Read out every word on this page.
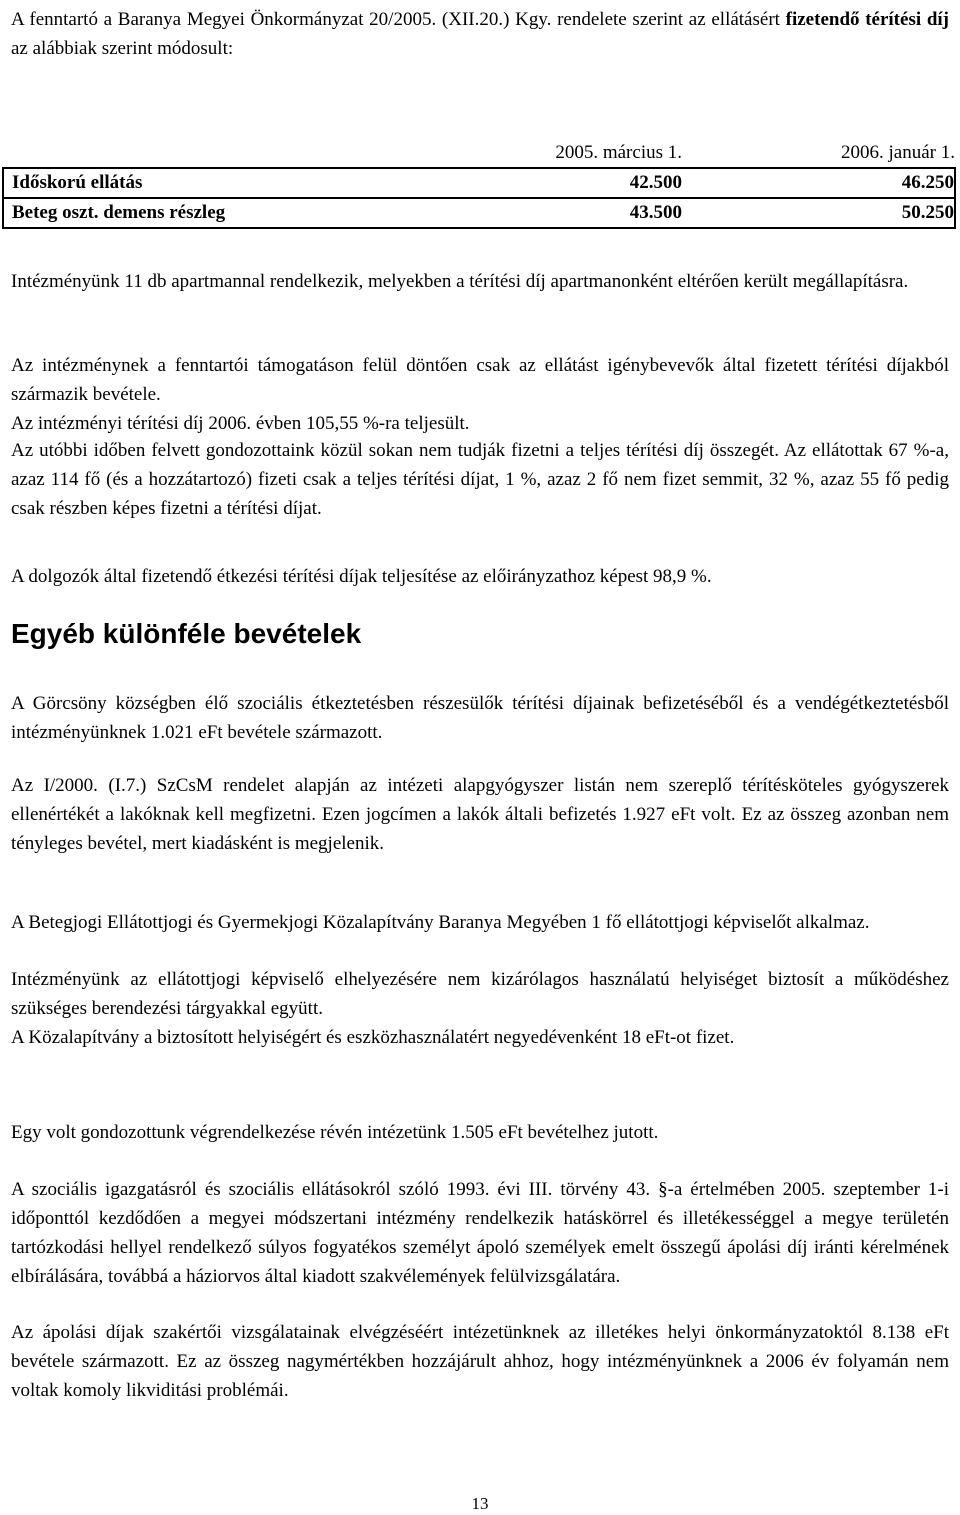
A fenntartó a Baranya Megyei Önkormányzat 20/2005. (XII.20.) Kgy. rendelete szerint az ellátásért fizetendő térítési díj az alábbiak szerint módosult:

	2005. március 1.	2006. január 1.
Időskorú ellátás	42.500	46.250
Beteg oszt. demens részleg	43.500	50.250

Intézményünk 11 db apartmannal rendelkezik, melyekben a térítési díj apartmanonként eltérően került megállapításra.

Az intézménynek a fenntartói támogatáson felül döntően csak az ellátást igénybevevők által fizetett térítési díjakból származik bevétele.

Az intézményi térítési díj 2006. évben 105,55 %-ra teljesült.

Az utóbbi időben felvett gondozottaink közül sokan nem tudják fizetni a teljes térítési díj összegét. Az ellátottak 67 %-a, azaz 114 fő (és a hozzátartozó) fizeti csak a teljes térítési díjat, 1 %, azaz 2 fő nem fizet semmit, 32 %, azaz 55 fő pedig csak részben képes fizetni a térítési díjat.

A dolgozók által fizetendő étkezési térítési díjak teljesítése az előirányzathoz képest 98,9 %.

Egyéb különféle bevételek

A Görcsöny községben élő szociális étkeztetésben részesülők térítési díjainak befizetéséből és a vendégétkeztetésből intézményünknek 1.021 eFt bevétele származott.

Az I/2000. (I.7.) SzCsM rendelet alapján az intézeti alapgyógyszer listán nem szereplő térítésköteles gyógyszerek ellenértékét a lakóknak kell megfizetni. Ezen jogcímen a lakók általi befizetés 1.927 eFt volt. Ez az összeg azonban nem tényleges bevétel, mert kiadásként is megjelenik.

A Betegjogi Ellátottjogi és Gyermekjogi Közalapítvány Baranya Megyében 1 fő ellátottjogi képviselőt alkalmaz.

Intézményünk az ellátottjogi képviselő elhelyezésére nem kizárólagos használatú helyiséget biztosít a működéshez szükséges berendezési tárgyakkal együtt.

A Közalapítvány a biztosított helyiségért és eszközhasználatért negyedévenként 18 eFt-ot fizet.

Egy volt gondozottunk végrendelkezése révén intézetünk 1.505 eFt bevételhez jutott.

A szociális igazgatásról és szociális ellátásokról szóló 1993. évi III. törvény 43. §-a értelmében 2005. szeptember 1-i időponttól kezdődően a megyei módszertani intézmény rendelkezik hatáskörrel és illetékességgel a megye területén tartózkodási hellyel rendelkező súlyos fogyatékos személyt ápoló személyek emelt összegű ápolási díj iránti kérelmének elbírálására, továbbá a háziorvos által kiadott szakvélemények felülvizsgálatára.

Az ápolási díjak szakértői vizsgálatainak elvégzéséért intézetünknek az illetékes helyi önkormányzatoktól 8.138 eFt bevétele származott. Ez az összeg nagymértékben hozzájárult ahhoz, hogy intézményünknek a 2006 év folyamán nem voltak komoly likviditási problémái.

13
